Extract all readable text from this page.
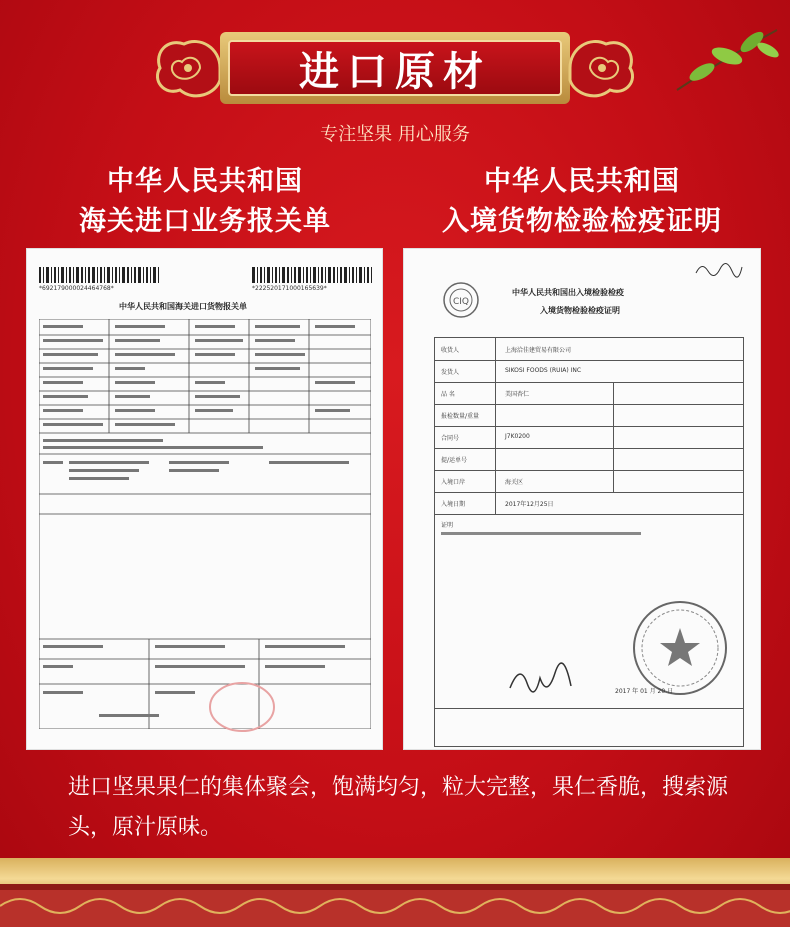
进口原材
专注坚果 用心服务
中华人民共和国
海关进口业务报关单
中华人民共和国
入境货物检验检疫证明
*692179000024464768*	*222520171000165639*
中华人民共和国海关进口货物报关单	CIQ
中华人民共和国出入境检验检疫
入境货物检验检疫证明
收货人	上海洽佳建贸易有限公司
发货人	SIKOSI FOODS (RUIA) INC
品 名	美国杏仁
报检数量/重量
合同号	J7K0200
提/运单号
入境口岸	海关区
入境日期	2017年12月25日
证明
2017 年 01 月 20 日
进口坚果果仁的集体聚会，饱满均匀，粒大完整，果仁香脆，搜索源头，原汁原味。
